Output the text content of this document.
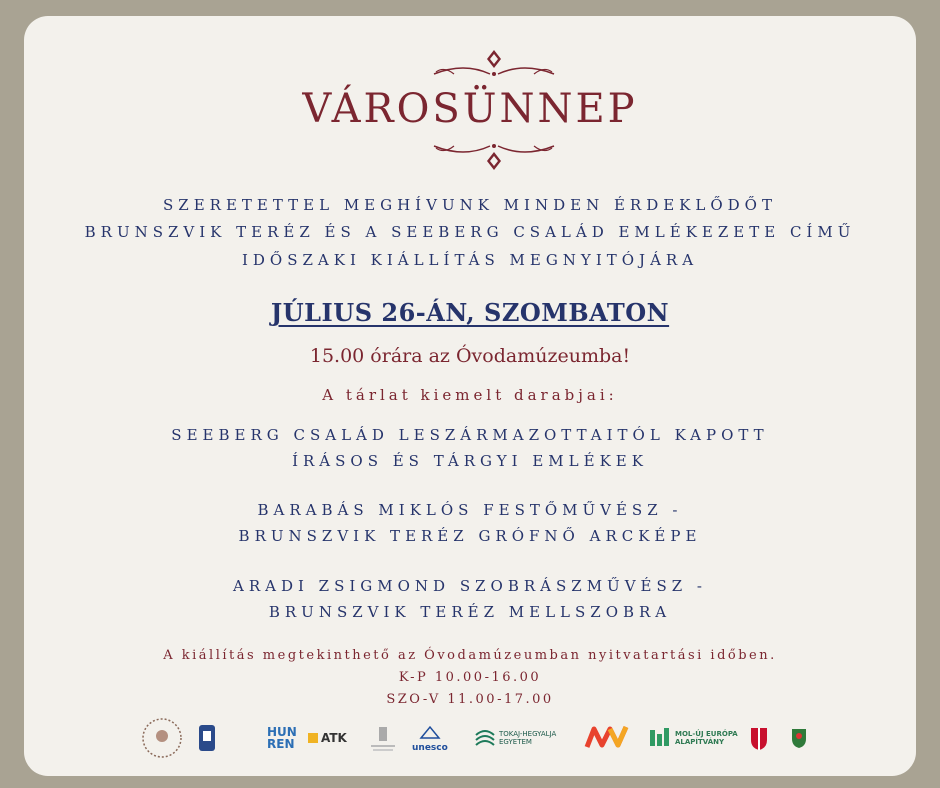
VÁROSÜNNEP
SZERETETTEL MEGHÍVUNK MINDEN ÉRDEKLŐDŐT
BRUNSZVIK TERÉZ ÉS A SEEBERG CSALÁD EMLÉKEZETE CÍMŰ
IDŐSZAKI KIÁLLÍTÁS MEGNYITÓJÁRA
JÚLIUS 26-ÁN, SZOMBATON
15.00 órára az Óvodamúzeumba!
A tárlat kiemelt darabjai:
SEEBERG CSALÁD LESZÁRMAZOTTAITÓL KAPOTT
ÍRÁSOS ÉS TÁRGYI EMLÉKEK
BARABÁS MIKLÓS FESTŐMŰVÉSZ -
BRUNSZVIK TERÉZ GRÓFNŐ ARCKÉPE
ARADI ZSIGMOND SZOBRÁSZMŰVÉSZ -
BRUNSZVIK TERÉZ MELLSZOBRA
A kiállítás megtekinthető az Óvodamúzeumban nyitvatartási időben.
K-P 10.00-16.00
SZO-V 11.00-17.00

HUN
REN ATK
unesco
TOKAJ-HEGYALJA
EGYETEM
MOL-ÚJ EURÓPA
ALAPÍTVÁNY
